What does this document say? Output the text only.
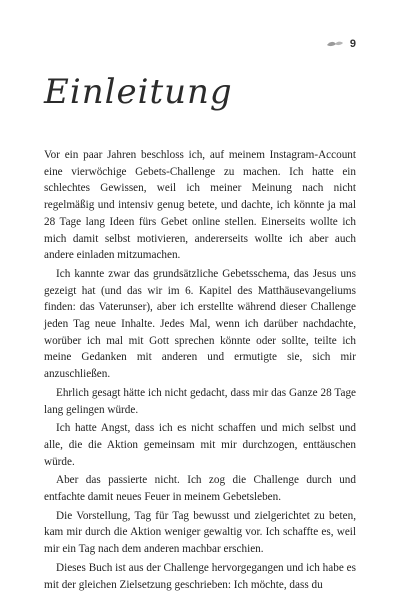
9
Einleitung

Vor ein paar Jahren beschloss ich, auf meinem Instagram-Account eine vierwöchige Gebets-Challenge zu machen. Ich hatte ein schlechtes Gewissen, weil ich meiner Meinung nach nicht regelmäßig und intensiv genug betete, und dachte, ich könnte ja mal 28 Tage lang Ideen fürs Gebet online stellen. Einerseits wollte ich mich damit selbst motivieren, andererseits wollte ich aber auch andere einladen mitzumachen.

Ich kannte zwar das grundsätzliche Gebetsschema, das Jesus uns gezeigt hat (und das wir im 6. Kapitel des Matthäusevangeliums finden: das Vaterunser), aber ich erstellte während dieser Challenge jeden Tag neue Inhalte. Jedes Mal, wenn ich darüber nachdachte, worüber ich mal mit Gott sprechen könnte oder sollte, teilte ich meine Gedanken mit anderen und ermutigte sie, sich mir anzuschließen.

Ehrlich gesagt hätte ich nicht gedacht, dass mir das Ganze 28 Tage lang gelingen würde.

Ich hatte Angst, dass ich es nicht schaffen und mich selbst und alle, die die Aktion gemeinsam mit mir durchzogen, enttäuschen würde.

Aber das passierte nicht. Ich zog die Challenge durch und entfachte damit neues Feuer in meinem Gebetsleben.

Die Vorstellung, Tag für Tag bewusst und zielgerichtet zu beten, kam mir durch die Aktion weniger gewaltig vor. Ich schaffte es, weil mir ein Tag nach dem anderen machbar erschien.

Dieses Buch ist aus der Challenge hervorgegangen und ich habe es mit der gleichen Zielsetzung geschrieben: Ich möchte, dass du
